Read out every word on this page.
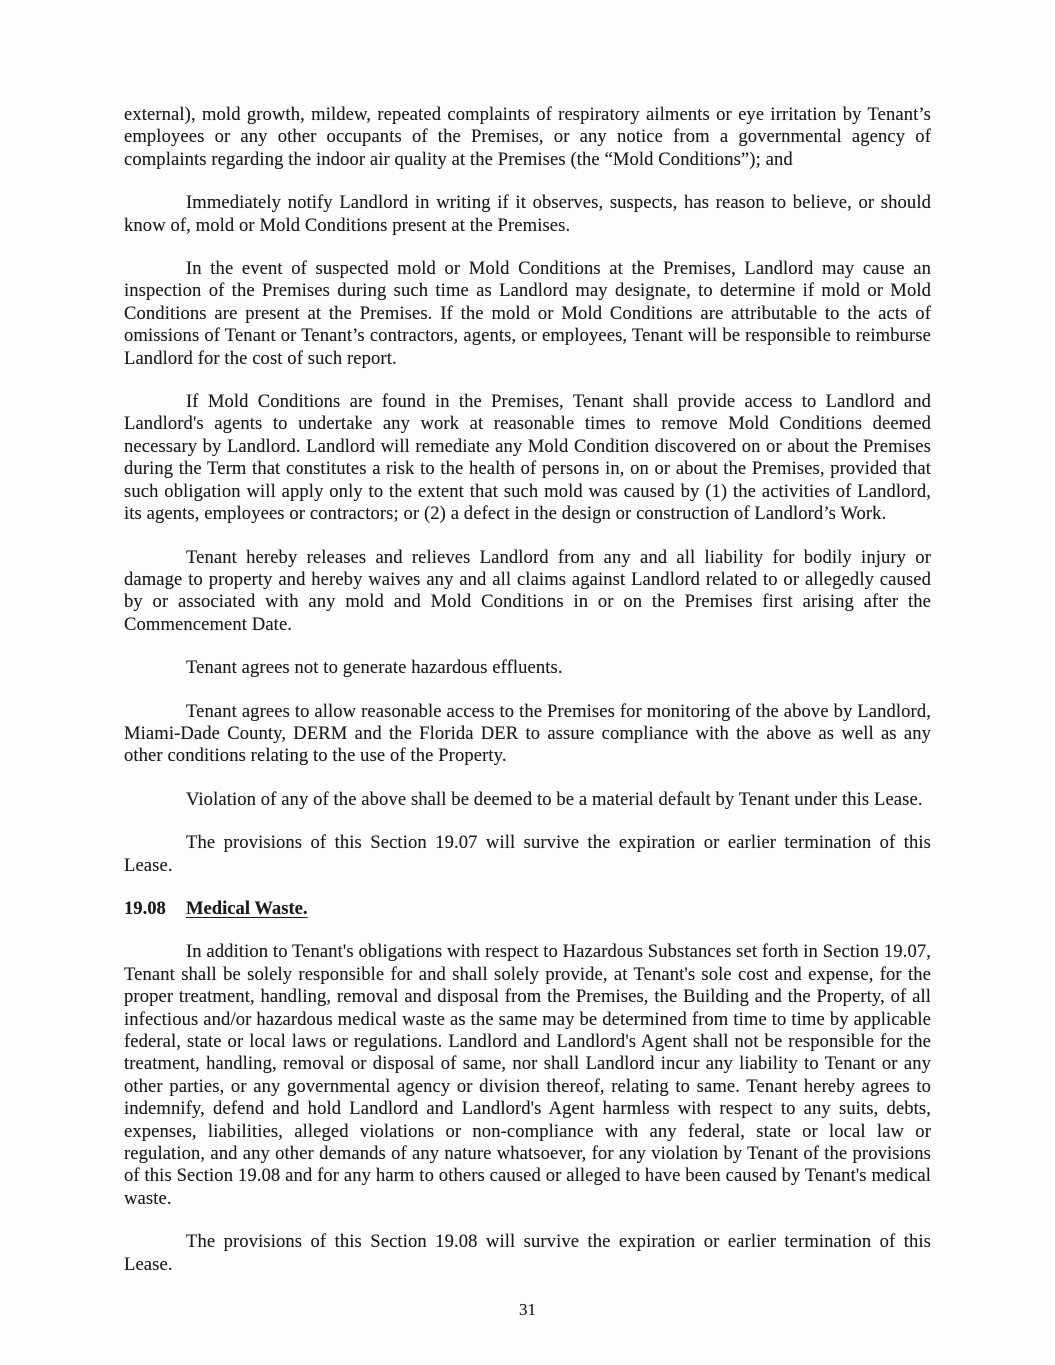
external), mold growth, mildew, repeated complaints of respiratory ailments or eye irritation by Tenant’s employees or any other occupants of the Premises, or any notice from a governmental agency of complaints regarding the indoor air quality at the Premises (the “Mold Conditions”); and

Immediately notify Landlord in writing if it observes, suspects, has reason to believe, or should know of, mold or Mold Conditions present at the Premises.

In the event of suspected mold or Mold Conditions at the Premises, Landlord may cause an inspection of the Premises during such time as Landlord may designate, to determine if mold or Mold Conditions are present at the Premises. If the mold or Mold Conditions are attributable to the acts of omissions of Tenant or Tenant’s contractors, agents, or employees, Tenant will be responsible to reimburse Landlord for the cost of such report.

If Mold Conditions are found in the Premises, Tenant shall provide access to Landlord and Landlord's agents to undertake any work at reasonable times to remove Mold Conditions deemed necessary by Landlord. Landlord will remediate any Mold Condition discovered on or about the Premises during the Term that constitutes a risk to the health of persons in, on or about the Premises, provided that such obligation will apply only to the extent that such mold was caused by (1) the activities of Landlord, its agents, employees or contractors; or (2) a defect in the design or construction of Landlord’s Work.

Tenant hereby releases and relieves Landlord from any and all liability for bodily injury or damage to property and hereby waives any and all claims against Landlord related to or allegedly caused by or associated with any mold and Mold Conditions in or on the Premises first arising after the Commencement Date.

Tenant agrees not to generate hazardous effluents.

Tenant agrees to allow reasonable access to the Premises for monitoring of the above by Landlord, Miami-Dade County, DERM and the Florida DER to assure compliance with the above as well as any other conditions relating to the use of the Property.

Violation of any of the above shall be deemed to be a material default by Tenant under this Lease.

The provisions of this Section 19.07 will survive the expiration or earlier termination of this Lease.

19.08 Medical Waste.

In addition to Tenant's obligations with respect to Hazardous Substances set forth in Section 19.07, Tenant shall be solely responsible for and shall solely provide, at Tenant's sole cost and expense, for the proper treatment, handling, removal and disposal from the Premises, the Building and the Property, of all infectious and/or hazardous medical waste as the same may be determined from time to time by applicable federal, state or local laws or regulations. Landlord and Landlord's Agent shall not be responsible for the treatment, handling, removal or disposal of same, nor shall Landlord incur any liability to Tenant or any other parties, or any governmental agency or division thereof, relating to same. Tenant hereby agrees to indemnify, defend and hold Landlord and Landlord's Agent harmless with respect to any suits, debts, expenses, liabilities, alleged violations or non-compliance with any federal, state or local law or regulation, and any other demands of any nature whatsoever, for any violation by Tenant of the provisions of this Section 19.08 and for any harm to others caused or alleged to have been caused by Tenant's medical waste.

The provisions of this Section 19.08 will survive the expiration or earlier termination of this Lease.

31
